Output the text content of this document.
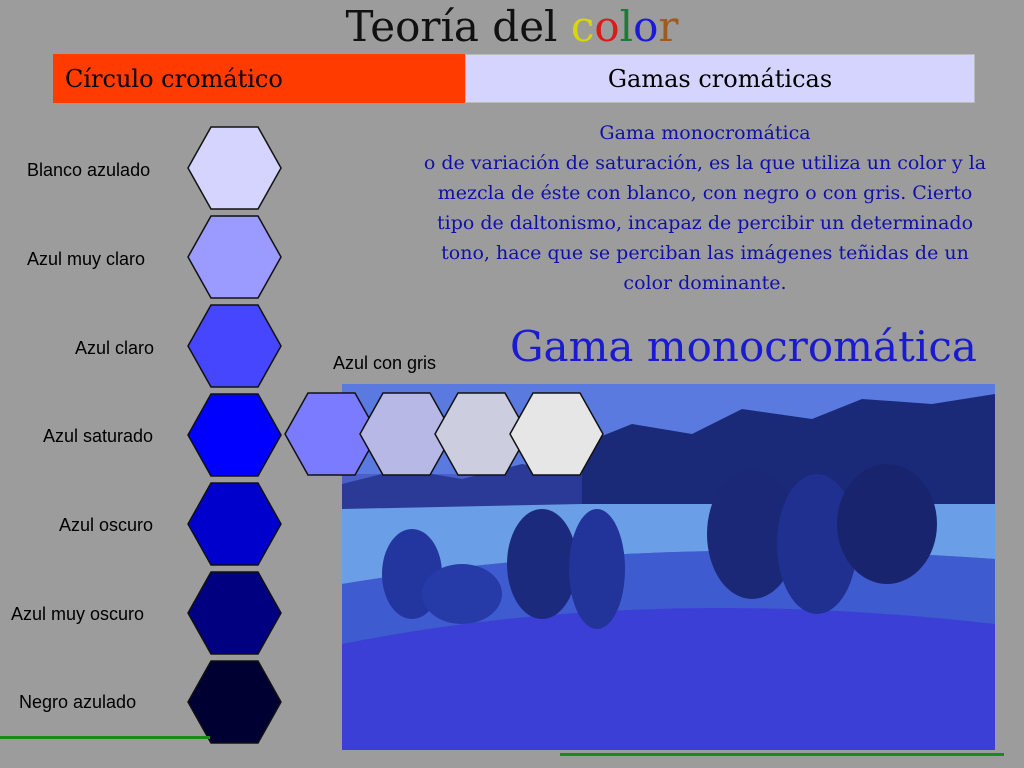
Teoría del color
Círculo cromático	Gamas cromáticas
Gama monocromática
o de variación de saturación, es la que utiliza un color y la mezcla de éste con blanco, con negro o con gris. Cierto tipo de daltonismo, incapaz de percibir un determinado tono, hace que se perciban las imágenes teñidas de un color dominante.
Gama monocromática
Blanco azulado
Azul muy claro
Azul claro
Azul saturado
Azul oscuro
Azul muy oscuro
Negro azulado
Azul con gris
